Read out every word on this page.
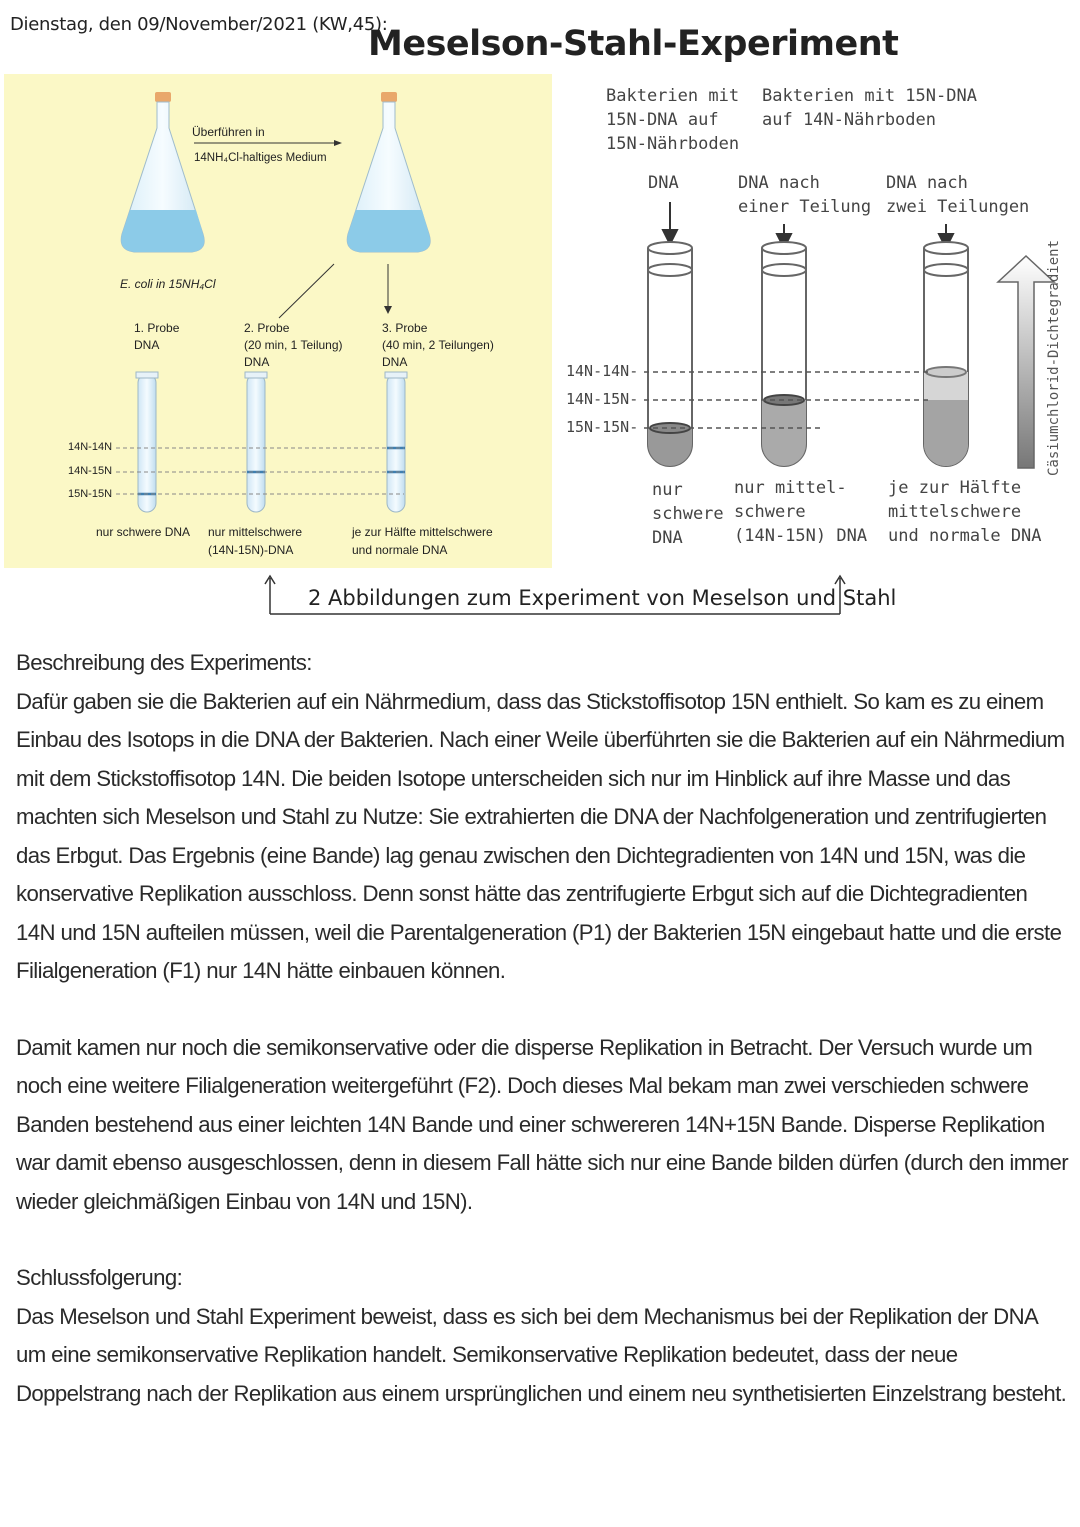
Dienstag, den 09/November/2021 (KW,45):
Meselson-Stahl-Experiment
Überführen in
14NH₄Cl-haltiges Medium
E. coli in 15NH₄Cl
1. Probe
DNA
2. Probe
(20 min, 1 Teilung)
DNA
3. Probe
(40 min, 2 Teilungen)
DNA
14N-14N
14N-15N
15N-15N
nur schwere DNA nur mittelschwere
(14N-15N)-DNA
je zur Hälfte mittelschwere
und normale DNA
Bakterien mit
15N-DNA auf
15N-Nährboden
Bakterien mit 15N-DNA
auf 14N-Nährboden
DNA	DNA nach
einer Teilung
DNA nach
zwei Teilungen
14N-14N-
14N-15N-
15N-15N-	Cäsiumchlorid-Dichtegradient
nur
schwere
DNA
nur mittel-
schwere
(14N-15N) DNA
je zur Hälfte
mittelschwere
und normale DNA
2 Abbildungen zum Experiment von Meselson und Stahl

Beschreibung des Experiments:

Dafür gaben sie die Bakterien auf ein Nährmedium, dass das Stickstoffisotop 15N enthielt. So kam es zu einem Einbau des Isotops in die DNA der Bakterien. Nach einer Weile überführten sie die Bakterien auf ein Nährmedium mit dem Stickstoffisotop 14N. Die beiden Isotope unterscheiden sich nur im Hinblick auf ihre Masse und das machten sich Meselson und Stahl zu Nutze: Sie extrahierten die DNA der Nachfolgeneration und zentrifugierten das Erbgut. Das Ergebnis (eine Bande) lag genau zwischen den Dichtegradienten von 14N und 15N, was die konservative Replikation ausschloss. Denn sonst hätte das zentrifugierte Erbgut sich auf die Dichtegradienten 14N und 15N aufteilen müssen, weil die Parentalgeneration (P1) der Bakterien 15N eingebaut hatte und die erste Filialgeneration (F1) nur 14N hätte einbauen können.

Damit kamen nur noch die semikonservative oder die disperse Replikation in Betracht. Der Versuch wurde um noch eine weitere Filialgeneration weitergeführt (F2). Doch dieses Mal bekam man zwei verschieden schwere Banden bestehend aus einer leichten 14N Bande und einer schwereren 14N+15N Bande. Disperse Replikation war damit ebenso ausgeschlossen, denn in diesem Fall hätte sich nur eine Bande bilden dürfen (durch den immer wieder gleichmäßigen Einbau von 14N und 15N).

Schlussfolgerung:

Das Meselson und Stahl Experiment beweist, dass es sich bei dem Mechanismus bei der Replikation der DNA um eine semikonservative Replikation handelt. Semikonservative Replikation bedeutet, dass der neue Doppelstrang nach der Replikation aus einem ursprünglichen und einem neu synthetisierten Einzelstrang besteht.
